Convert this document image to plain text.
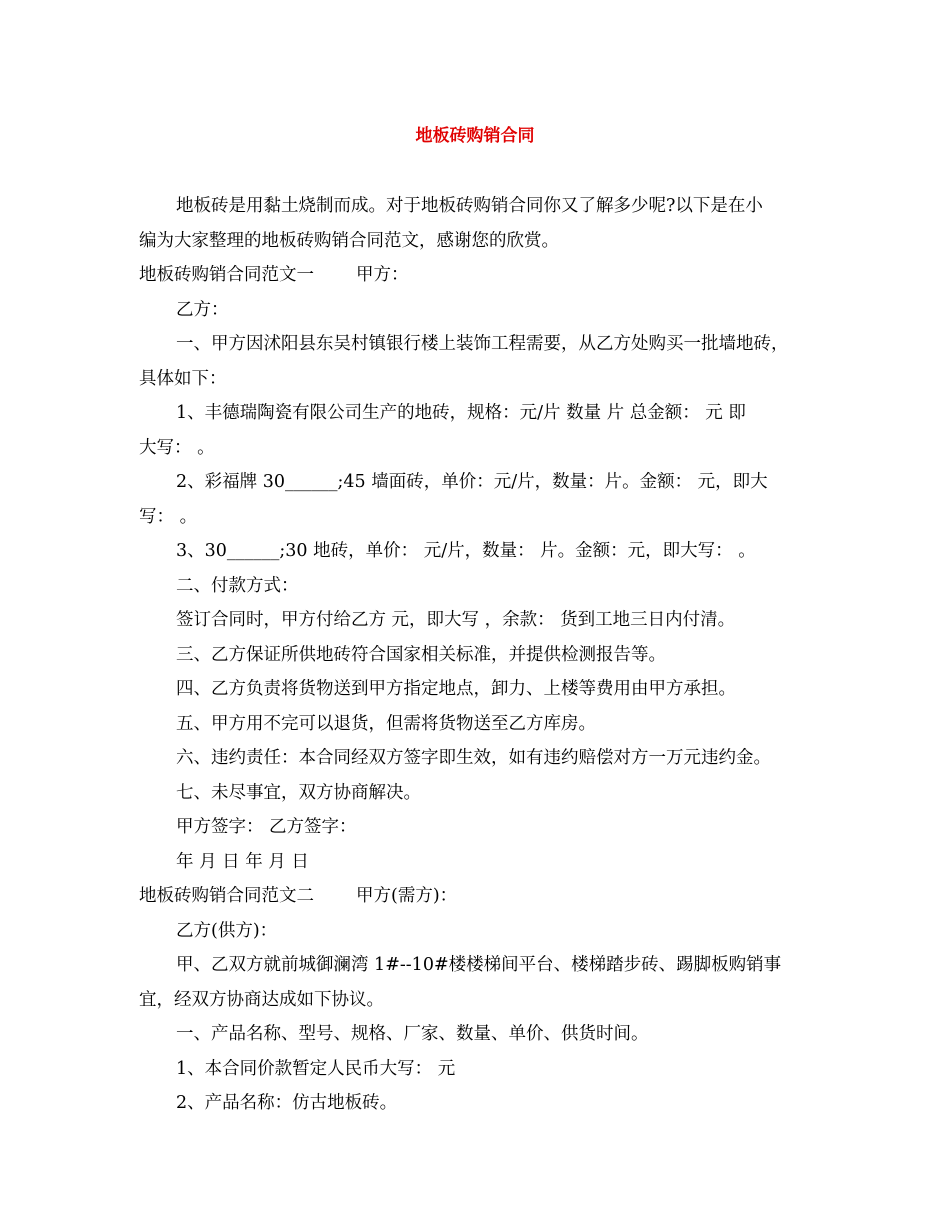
地板砖购销合同

地板砖是用黏土烧制而成。对于地板砖购销合同你又了解多少呢?以下是在小

编为大家整理的地板砖购销合同范文，感谢您的欣赏。

地板砖购销合同范文一 甲方：

乙方：

一、甲方因沭阳县东吴村镇银行楼上装饰工程需要，从乙方处购买一批墙地砖，

具体如下：

1、丰德瑞陶瓷有限公司生产的地砖，规格：元/片 数量 片 总金额： 元 即

大写： 。

2、彩福牌 30______;45 墙面砖，单价：元/片，数量：片。金额： 元，即大

写： 。

3、30______;30 地砖，单价： 元/片，数量： 片。金额：元，即大写： 。

二、付款方式：

签订合同时，甲方付给乙方 元，即大写 ，余款： 货到工地三日内付清。

三、乙方保证所供地砖符合国家相关标准，并提供检测报告等。

四、乙方负责将货物送到甲方指定地点，卸力、上楼等费用由甲方承担。

五、甲方用不完可以退货，但需将货物送至乙方库房。

六、违约责任：本合同经双方签字即生效，如有违约赔偿对方一万元违约金。

七、未尽事宜，双方协商解决。

甲方签字： 乙方签字：

年 月 日 年 月 日

地板砖购销合同范文二 甲方(需方)：

乙方(供方)：

甲、乙双方就前城御澜湾 1#--10#楼楼梯间平台、楼梯踏步砖、踢脚板购销事

宜，经双方协商达成如下协议。

一、产品名称、型号、规格、厂家、数量、单价、供货时间。

1、本合同价款暂定人民币大写： 元

2、产品名称：仿古地板砖。
